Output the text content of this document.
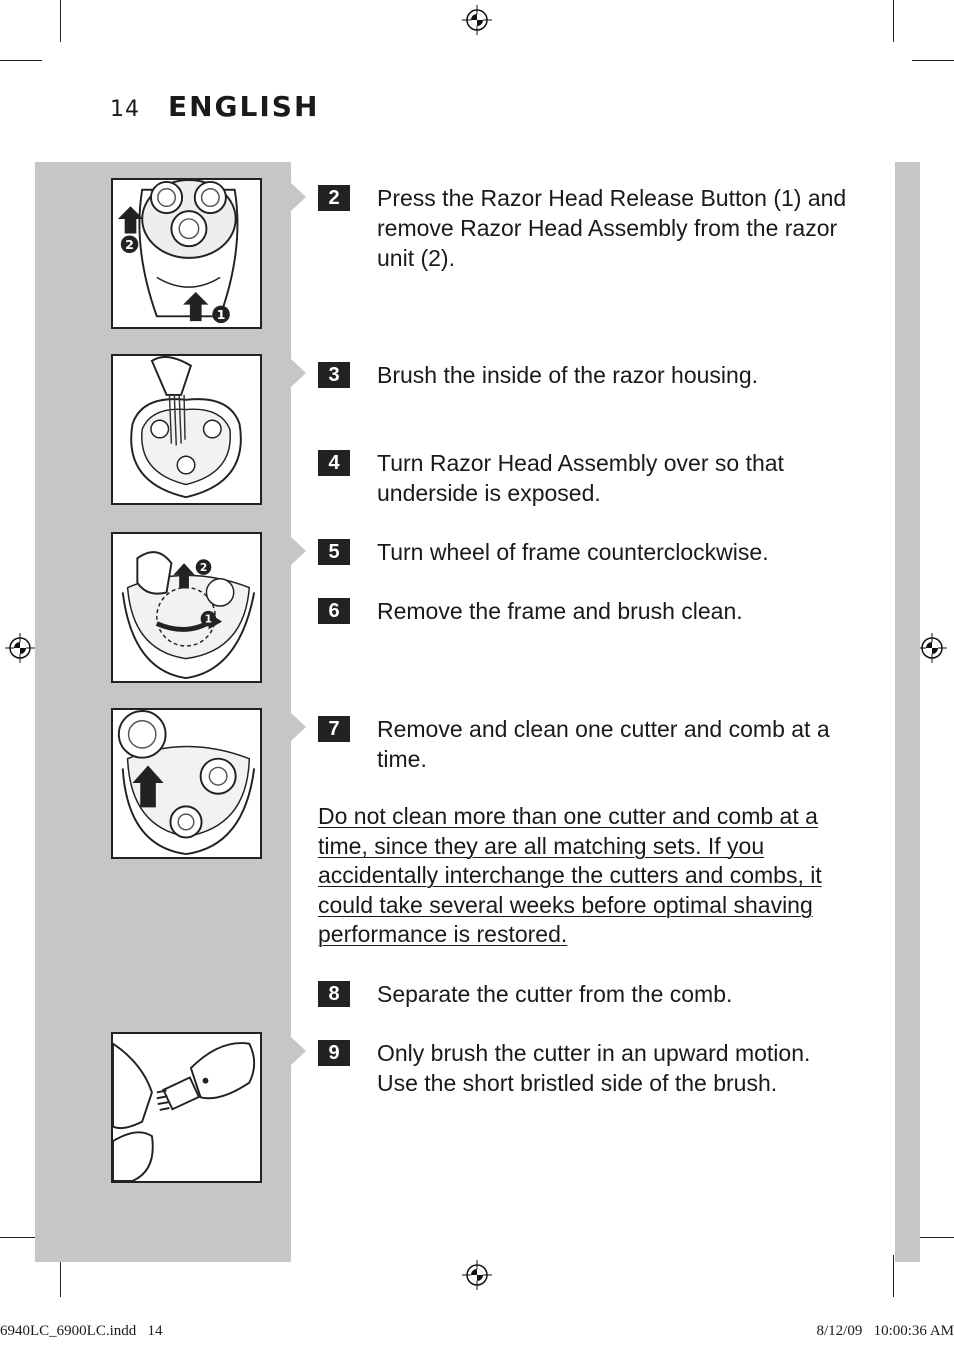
14 ENGLISH
2
1
2
1
2	Press the Razor Head Release Button (1) and remove Razor Head Assembly from the razor unit (2).
3	Brush the inside of the razor housing.
4	Turn Razor Head Assembly over so that underside is exposed.
5	Turn wheel of frame counterclockwise.
6	Remove the frame and brush clean.
7	Remove and clean one cutter and comb at a time.
Do not clean more than one cutter and comb at a time, since they are all matching sets. If you accidentally interchange the cutters and combs, it could take several weeks before optimal shaving performance is restored.
8	Separate the cutter from the comb.
9	Only brush the cutter in an upward motion. Use the short bristled side of the brush.
6940LC_6900LC.indd   14	8/12/09   10:00:36 AM
